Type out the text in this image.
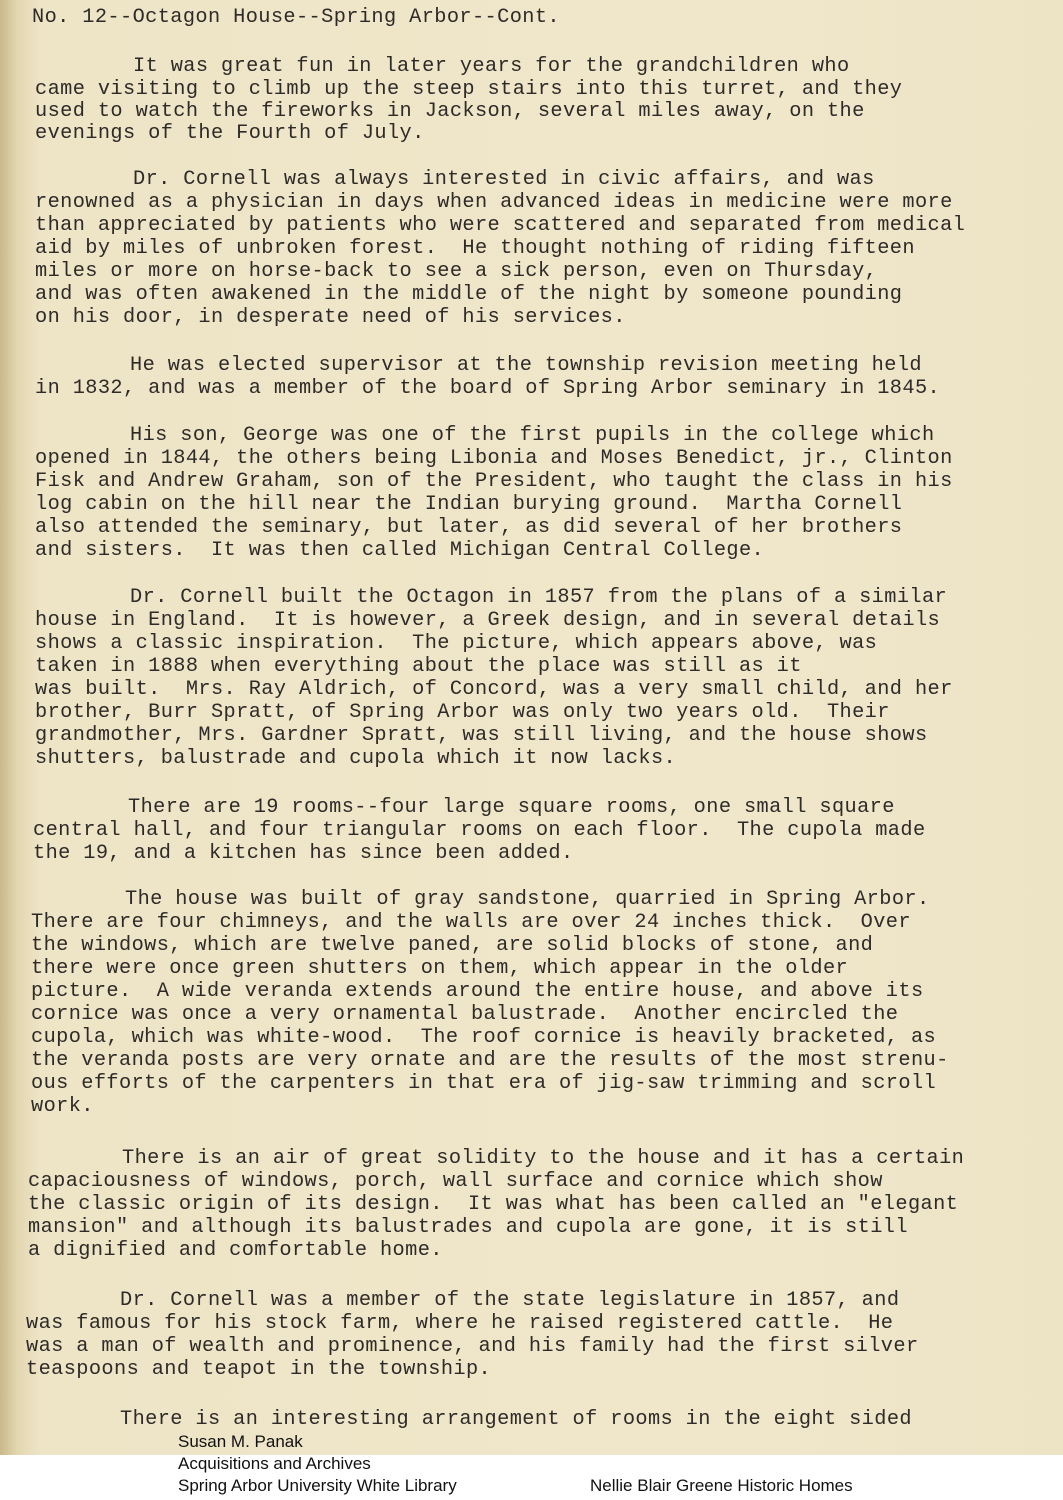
No. 12--Octagon House--Spring Arbor--Cont.
It was great fun in later years for the grandchildren who
came visiting to climb up the steep stairs into this turret, and they
used to watch the fireworks in Jackson, several miles away, on the
evenings of the Fourth of July.
Dr. Cornell was always interested in civic affairs, and was
renowned as a physician in days when advanced ideas in medicine were more
than appreciated by patients who were scattered and separated from medical
aid by miles of unbroken forest.  He thought nothing of riding fifteen
miles or more on horse-back to see a sick person, even on Thursday,
and was often awakened in the middle of the night by someone pounding
on his door, in desperate need of his services.
He was elected supervisor at the township revision meeting held
in 1832, and was a member of the board of Spring Arbor seminary in 1845.
His son, George was one of the first pupils in the college which
opened in 1844, the others being Libonia and Moses Benedict, jr., Clinton
Fisk and Andrew Graham, son of the President, who taught the class in his
log cabin on the hill near the Indian burying ground.  Martha Cornell
also attended the seminary, but later, as did several of her brothers
and sisters.  It was then called Michigan Central College.
Dr. Cornell built the Octagon in 1857 from the plans of a similar
house in England.  It is however, a Greek design, and in several details
shows a classic inspiration.  The picture, which appears above, was
taken in 1888 when everything about the place was still as it
was built.  Mrs. Ray Aldrich, of Concord, was a very small child, and her
brother, Burr Spratt, of Spring Arbor was only two years old.  Their
grandmother, Mrs. Gardner Spratt, was still living, and the house shows
shutters, balustrade and cupola which it now lacks.
There are 19 rooms--four large square rooms, one small square
central hall, and four triangular rooms on each floor.  The cupola made
the 19, and a kitchen has since been added.
The house was built of gray sandstone, quarried in Spring Arbor.
There are four chimneys, and the walls are over 24 inches thick.  Over
the windows, which are twelve paned, are solid blocks of stone, and
there were once green shutters on them, which appear in the older
picture.  A wide veranda extends around the entire house, and above its
cornice was once a very ornamental balustrade.  Another encircled the
cupola, which was white-wood.  The roof cornice is heavily bracketed, as
the veranda posts are very ornate and are the results of the most strenu-
ous efforts of the carpenters in that era of jig-saw trimming and scroll
work.
There is an air of great solidity to the house and it has a certain
capaciousness of windows, porch, wall surface and cornice which show
the classic origin of its design.  It was what has been called an "elegant
mansion" and although its balustrades and cupola are gone, it is still
a dignified and comfortable home.
Dr. Cornell was a member of the state legislature in 1857, and
was famous for his stock farm, where he raised registered cattle.  He
was a man of wealth and prominence, and his family had the first silver
teaspoons and teapot in the township.
There is an interesting arrangement of rooms in the eight sided
Susan M. Panak
Acquisitions and Archives
Spring Arbor University White Library	Nellie Blair Greene Historic Homes
